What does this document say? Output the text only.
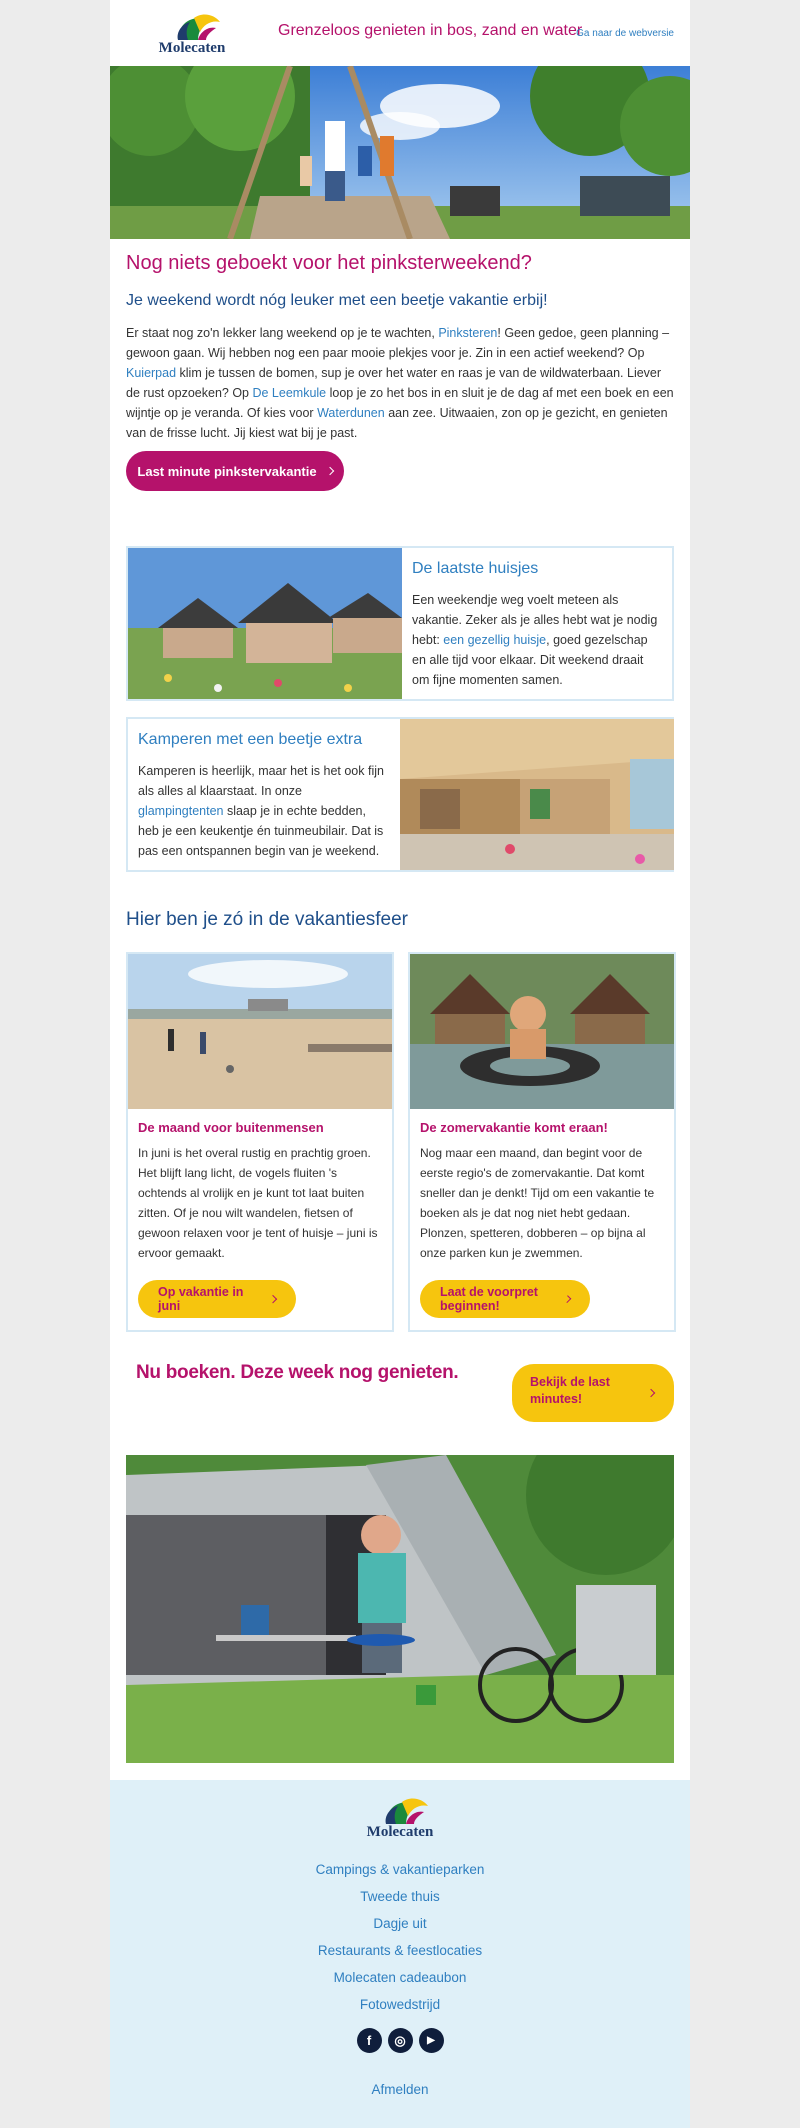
Molecaten
Grenzeloos genieten in bos, zand en water
Ga naar de webversie
Nog niets geboekt voor het pinksterweekend?
Je weekend wordt nóg leuker met een beetje vakantie erbij!
Er staat nog zo'n lekker lang weekend op je te wachten, Pinksteren! Geen gedoe, geen planning – gewoon gaan. Wij hebben nog een paar mooie plekjes voor je. Zin in een actief weekend? Op Kuierpad klim je tussen de bomen, sup je over het water en raas je van de wildwaterbaan. Liever de rust opzoeken? Op De Leemkule loop je zo het bos in en sluit je de dag af met een boek en een wijntje op je veranda. Of kies voor Waterdunen aan zee. Uitwaaien, zon op je gezicht, en genieten van de frisse lucht. Jij kiest wat bij je past.
Last minute pinkstervakantie
De laatste huisjes
Een weekendje weg voelt meteen als vakantie. Zeker als je alles hebt wat je nodig hebt: een gezellig huisje, goed gezelschap en alle tijd voor elkaar. Dit weekend draait om fijne momenten samen.
Kamperen met een beetje extra
Kamperen is heerlijk, maar het is het ook fijn als alles al klaarstaat. In onze glampingtenten slaap je in echte bedden, heb je een keukentje én tuinmeubilair. Dat is pas een ontspannen begin van je weekend.
Hier ben je zó in de vakantiesfeer
De maand voor buitenmensen
In juni is het overal rustig en prachtig groen. Het blijft lang licht, de vogels fluiten 's ochtends al vrolijk en je kunt tot laat buiten zitten. Of je nou wilt wandelen, fietsen of gewoon relaxen voor je tent of huisje – juni is ervoor gemaakt.
Op vakantie in juni
De zomervakantie komt eraan!
Nog maar een maand, dan begint voor de eerste regio's de zomervakantie. Dat komt sneller dan je denkt! Tijd om een vakantie te boeken als je dat nog niet hebt gedaan. Plonzen, spetteren, dobberen – op bijna al onze parken kun je zwemmen.
Laat de voorpret beginnen!
Nu boeken. Deze week nog genieten.	Bekijk de last minutes!
Molecaten
Campings & vakantieparken
Tweede thuis
Dagje uit
Restaurants & feestlocaties
Molecaten cadeaubon
Fotowedstrijd
f	◎	▶
Afmelden
